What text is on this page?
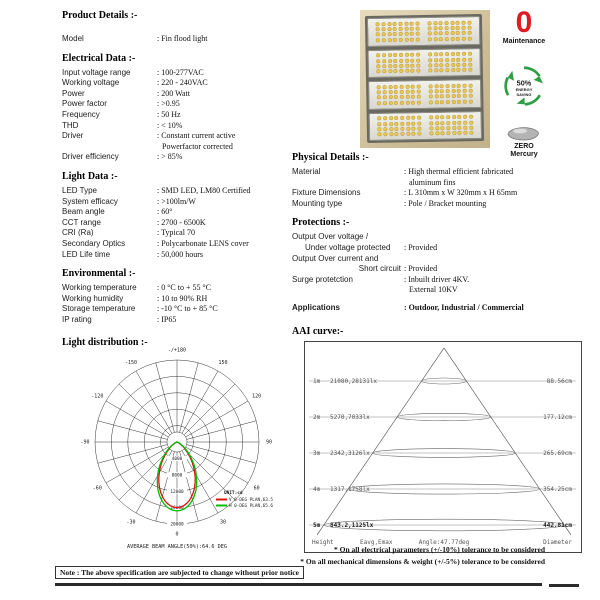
Product Details :-
Model	: Fin flood light
Electrical Data :-
Input voltage range	: 100-277VAC
Working voltage	: 220 - 240VAC
Power	: 200 Watt
Power factor	: >0.95
Frequency	: 50 Hz
THD	: < 10%
Driver	: Constant current active
Powerfactor corrected
Driver efficiency	: > 85%
Light Data :-
LED Type	: SMD LED, LM80 Certified
System efficacy	: >100lm/W
Beam angle	: 60°
CCT range	: 2700 - 6500K
CRI (Ra)	: Typical 70
Secondary Optics	: Polycarbonate LENS cover
LED Life time	: 50,000 hours
Environmental :-
Working temperature	: 0 °C to + 55 °C
Working humidity	: 10 to 90% RH
Storage temperature	: -10 °C to + 85 °C
IP rating	: IP65
Light distribution :-
-/+180
-150	150
-120	120
-90	90
-60	60
-30	30
0
4000
8000
12000
16000
20000
UNIT:cd
V 0-DEG PLAN,63.5
H 0-DEG PLAN,65.6
AVERAGE BEAM ANGLE(50%):64.6 DEG
0
Maintenance
50%
ENERGY
SAVING
ZERO
Mercury
Physical Details :-
Material	: High thermal efficient fabricated
aluminum fins
Fixture Dimensions	: L 310mm x W 320mm x H 65mm
Mounting type	: Pole / Bracket mounting
Protections :-
Output Over voltage /
Under voltage protected	: Provided
Output Over current and
Short circuit : Provided
Surge protetction	: Inbuilt driver 4KV.
External 10KV
Applications	: Outdoor, Industrial / Commercial
AAI curve:-
1m 21080,28131lx	88.56cm
2m 5270,7033lx	177.12cm
3m 2342,3126lx	265.69cm
4m 1317,1758lx	354.25cm
5m 843.2,1125lx	442.81cm
Height	Eavg,Emax	Angle:47.77deg	Diameter
* On all electrical parameters (+/-10%) tolerance to be considered
* On all mechanical dimensions & weight (+/-5%) tolerance to be considered
Note : The above specification are subjected to change without prior notice
